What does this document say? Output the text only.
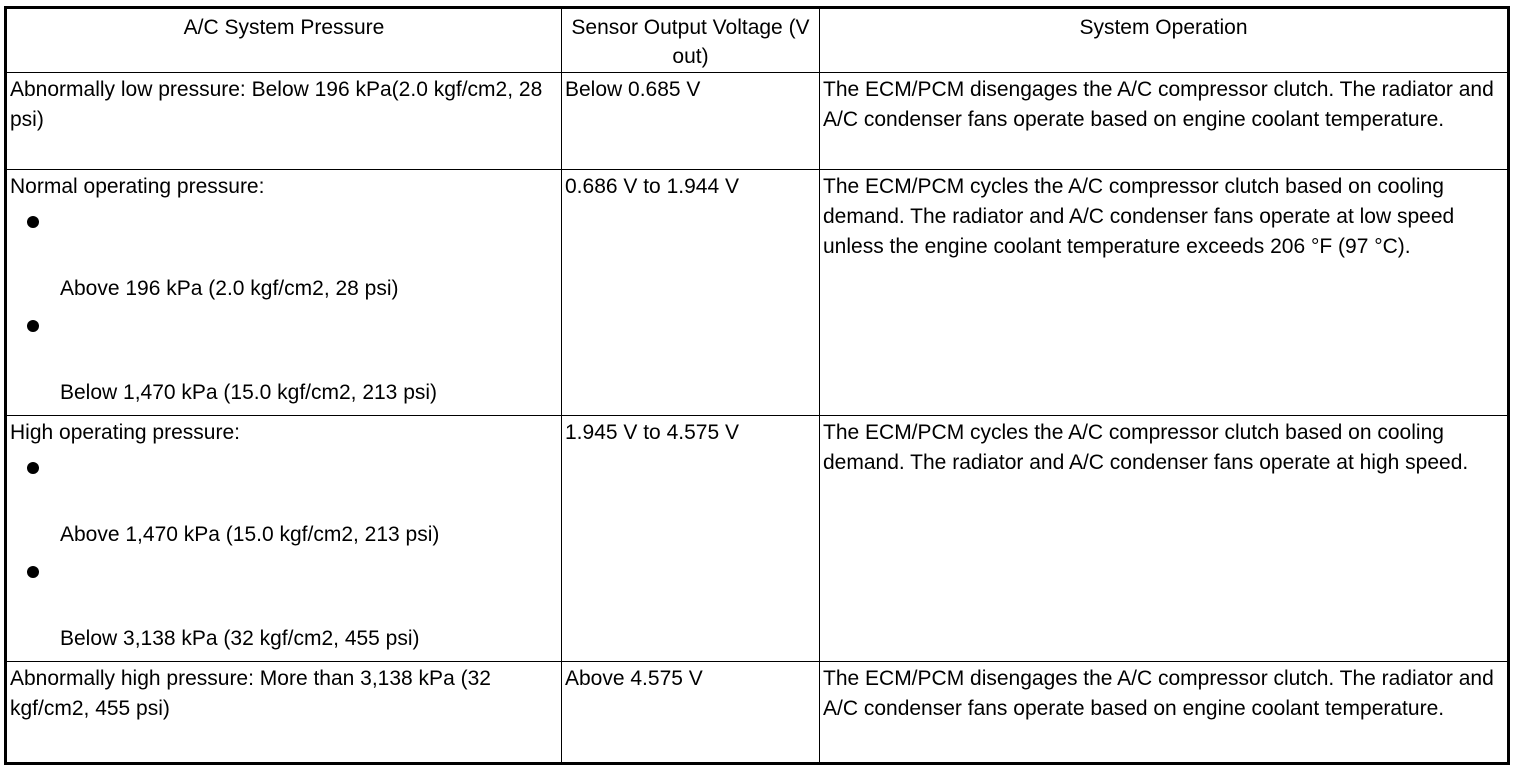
A/C System Pressure	Sensor Output Voltage (V out)	System Operation

Abnormally low pressure: Below 196 kPa(2.0 kgf/cm2, 28 psi)	Below 0.685 V	The ECM/PCM disengages the A/C compressor clutch. The radiator and A/C condenser fans operate based on engine coolant temperature.

Normal operating pressure:
Above 196 kPa (2.0 kgf/cm2, 28 psi)
Below 1,470 kPa (15.0 kgf/cm2, 213 psi)	0.686 V to 1.944 V	The ECM/PCM cycles the A/C compressor clutch based on cooling demand. The radiator and A/C condenser fans operate at low speed unless the engine coolant temperature exceeds 206 °F (97 °C).

High operating pressure:
Above 1,470 kPa (15.0 kgf/cm2, 213 psi)
Below 3,138 kPa (32 kgf/cm2, 455 psi)	1.945 V to 4.575 V	The ECM/PCM cycles the A/C compressor clutch based on cooling demand. The radiator and A/C condenser fans operate at high speed.

Abnormally high pressure: More than 3,138 kPa (32 kgf/cm2, 455 psi)	Above 4.575 V	The ECM/PCM disengages the A/C compressor clutch. The radiator and A/C condenser fans operate based on engine coolant temperature.
